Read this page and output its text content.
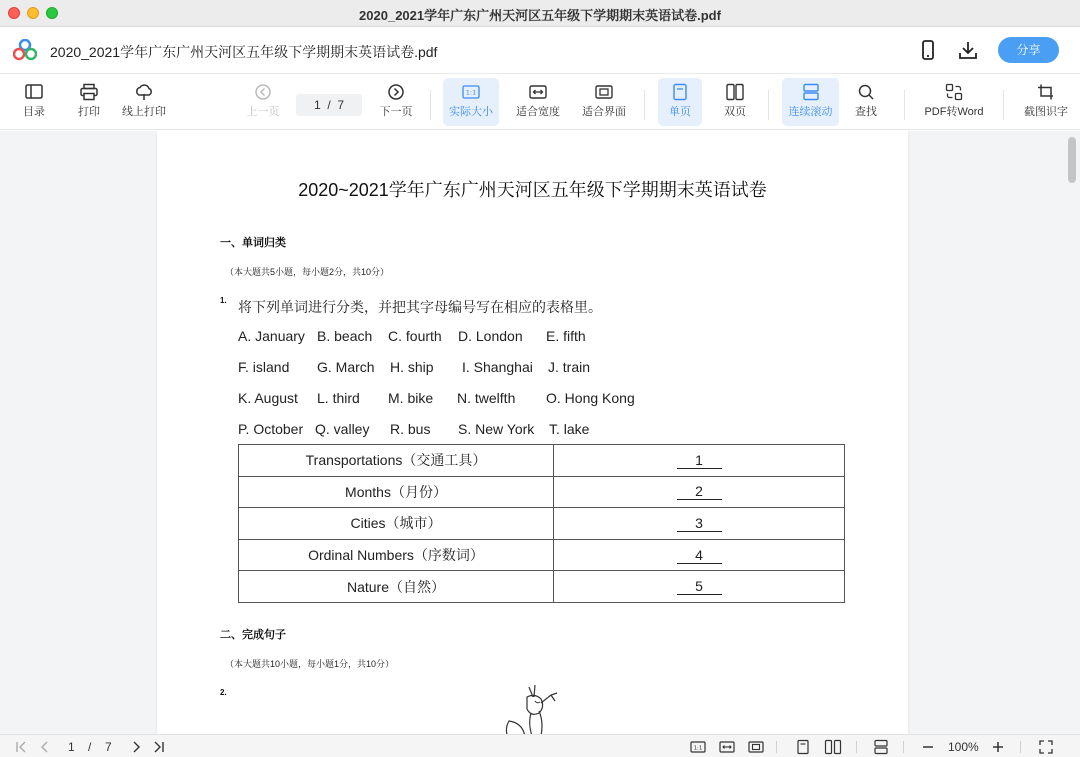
2020_2021学年广东广州天河区五年级下学期期末英语试卷.pdf
2020_2021学年广东广州天河区五年级下学期期末英语试卷.pdf	分享
目录	打印	线上打印	上一页	下一页
1:1
实际大小	适合宽度	适合界面	单页	双页	连续滚动	查找	PDF转Word	截图识字
1 / 7
2020~2021学年广东广州天河区五年级下学期期末英语试卷
一、单词归类
（本大题共5小题，每小题2分，共10分）
1. 将下列单词进行分类，并把其字母编号写在相应的表格里。
A. January B. beach C. fourth D. London E. fifth
F. island G. March H. ship I. Shanghai J. train
K. August L. third M. bike N. twelfth O. Hong Kong
P. October Q. valley R. bus S. New York T. lake
Transportations（交通工具）	1
Months（月份）	2
Cities（城市）	3
Ordinal Numbers（序数词）	4
Nature（自然）	5
二、完成句子
（本大题共10小题，每小题1分，共10分）
2.
1 / 7	1:1	100%
